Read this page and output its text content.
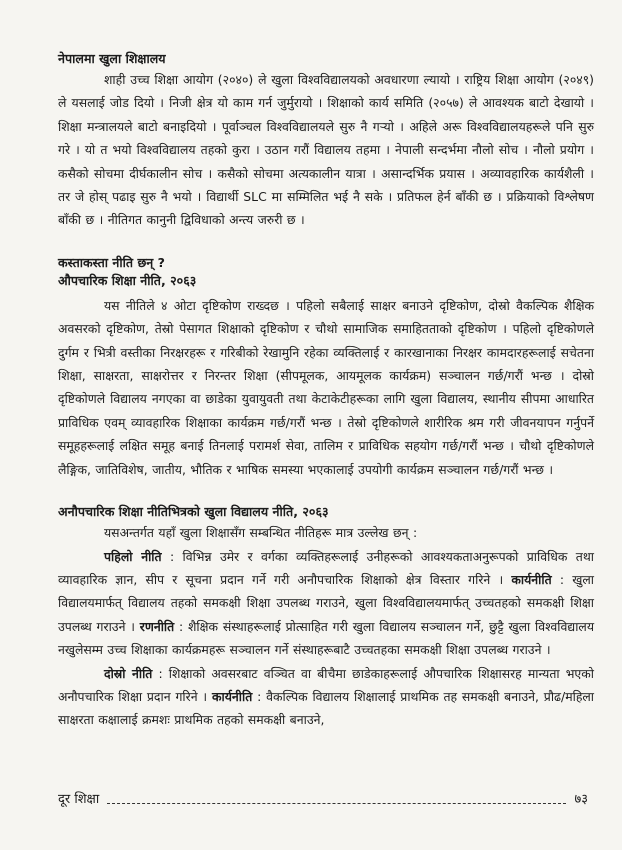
नेपालमा खुला शिक्षालय

शाही उच्च शिक्षा आयोग (२०४०) ले खुला विश्वविद्यालयको अवधारणा ल्यायो । राष्ट्रिय शिक्षा आयोग (२०४९) ले यसलाई जोड दियो । निजी क्षेत्र यो काम गर्न जुर्मुरायो । शिक्षाको कार्य समिति (२०५७) ले आवश्यक बाटो देखायो । शिक्षा मन्त्रालयले बाटो बनाइदियो । पूर्वाञ्चल विश्वविद्यालयले सुरु नै गऱ्यो । अहिले अरू विश्वविद्यालयहरूले पनि सुरु गरे । यो त भयो विश्वविद्यालय तहको कुरा । उठान गरौं विद्यालय तहमा । नेपाली सन्दर्भमा नौलो सोच । नौलो प्रयोग । कसैको सोचमा दीर्घकालीन सोच । कसैको सोचमा अत्यकालीन यात्रा । असान्दर्भिक प्रयास । अव्यावहारिक कार्यशैली । तर जे होस् पढाइ सुरु नै भयो । विद्यार्थी SLC मा सम्मिलित भई नै सके । प्रतिफल हेर्न बाँकी छ । प्रक्रियाको विश्लेषण बाँकी छ । नीतिगत कानुनी द्विविधाको अन्त्य जरुरी छ ।

कस्ताकस्ता नीति छन् ?

औपचारिक शिक्षा नीति, २०६३

यस नीतिले ४ ओटा दृष्टिकोण राख्दछ । पहिलो सबैलाई साक्षर बनाउने दृष्टिकोण, दोस्रो वैकल्पिक शैक्षिक अवसरको दृष्टिकोण, तेस्रो पेसागत शिक्षाको दृष्टिकोण र चौथो सामाजिक समाहितताको दृष्टिकोण । पहिलो दृष्टिकोणले दुर्गम र भित्री वस्तीका निरक्षरहरू र गरिबीको रेखामुनि रहेका व्यक्तिलाई र कारखानाका निरक्षर कामदारहरूलाई सचेतना शिक्षा, साक्षरता, साक्षरोत्तर र निरन्तर शिक्षा (सीपमूलक, आयमूलक कार्यक्रम) सञ्चालन गर्छ/गरौं भन्छ । दोस्रो दृष्टिकोणले विद्यालय नगएका वा छाडेका युवायुवती तथा केटाकेटीहरूका लागि खुला विद्यालय, स्थानीय सीपमा आधारित प्राविधिक एवम् व्यावहारिक शिक्षाका कार्यक्रम गर्छ/गरौं भन्छ । तेस्रो दृष्टिकोणले शारीरिक श्रम गरी जीवनयापन गर्नुपर्ने समूहहरूलाई लक्षित समूह बनाई तिनलाई परामर्श सेवा, तालिम र प्राविधिक सहयोग गर्छ/गरौं भन्छ । चौथो दृष्टिकोणले लैङ्गिक, जातिविशेष, जातीय, भौतिक र भाषिक समस्या भएकालाई उपयोगी कार्यक्रम सञ्चालन गर्छ/गरौं भन्छ ।

अनौपचारिक शिक्षा नीतिभित्रको खुला विद्यालय नीति, २०६३

यसअन्तर्गत यहाँ खुला शिक्षासँग सम्बन्धित नीतिहरू मात्र उल्लेख छन् :

पहिलो नीति : विभिन्न उमेर र वर्गका व्यक्तिहरूलाई उनीहरूको आवश्यकताअनुरूपको प्राविधिक तथा व्यावहारिक ज्ञान, सीप र सूचना प्रदान गर्ने गरी अनौपचारिक शिक्षाको क्षेत्र विस्तार गरिने । कार्यनीति : खुला विद्यालयमार्फत् विद्यालय तहको समकक्षी शिक्षा उपलब्ध गराउने, खुला विश्वविद्यालयमार्फत् उच्चतहको समकक्षी शिक्षा उपलब्ध गराउने । रणनीति : शैक्षिक संस्थाहरूलाई प्रोत्साहित गरी खुला विद्यालय सञ्चालन गर्ने, छुट्टै खुला विश्वविद्यालय नखुलेसम्म उच्च शिक्षाका कार्यक्रमहरू सञ्चालन गर्ने संस्थाहरूबाटै उच्चतहका समकक्षी शिक्षा उपलब्ध गराउने ।

दोस्रो नीति : शिक्षाको अवसरबाट वञ्चित वा बीचैमा छाडेकाहरूलाई औपचारिक शिक्षासरह मान्यता भएको अनौपचारिक शिक्षा प्रदान गरिने । कार्यनीति : वैकल्पिक विद्यालय शिक्षालाई प्राथमिक तह समकक्षी बनाउने, प्रौढ/महिला साक्षरता कक्षालाई क्रमशः प्राथमिक तहको समकक्षी बनाउने,

दूर शिक्षा	७३
